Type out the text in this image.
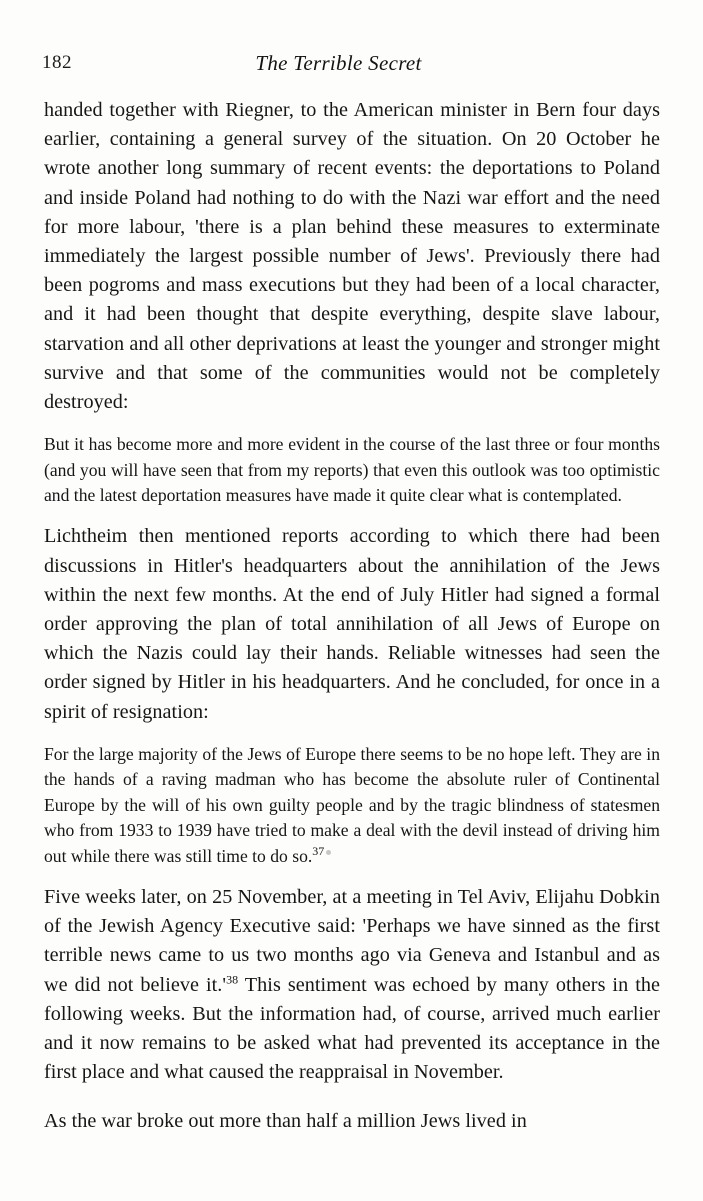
182	The Terrible Secret

handed together with Riegner, to the American minister in Bern four days earlier, containing a general survey of the situation. On 20 October he wrote another long summary of recent events: the deportations to Poland and inside Poland had nothing to do with the Nazi war effort and the need for more labour, 'there is a plan behind these measures to exterminate immediately the largest possible number of Jews'. Previously there had been pogroms and mass executions but they had been of a local character, and it had been thought that despite everything, despite slave labour, starvation and all other deprivations at least the younger and stronger might survive and that some of the communities would not be completely destroyed:

But it has become more and more evident in the course of the last three or four months (and you will have seen that from my reports) that even this outlook was too optimistic and the latest deportation measures have made it quite clear what is contemplated.

Lichtheim then mentioned reports according to which there had been discussions in Hitler's headquarters about the annihilation of the Jews within the next few months. At the end of July Hitler had signed a formal order approving the plan of total annihilation of all Jews of Europe on which the Nazis could lay their hands. Reliable witnesses had seen the order signed by Hitler in his headquarters. And he concluded, for once in a spirit of resignation:

For the large majority of the Jews of Europe there seems to be no hope left. They are in the hands of a raving madman who has become the absolute ruler of Continental Europe by the will of his own guilty people and by the tragic blindness of statesmen who from 1933 to 1939 have tried to make a deal with the devil instead of driving him out while there was still time to do so.$^{37}$

Five weeks later, on 25 November, at a meeting in Tel Aviv, Elijahu Dobkin of the Jewish Agency Executive said: 'Perhaps we have sinned as the first terrible news came to us two months ago via Geneva and Istanbul and as we did not believe $it.'^{38}$ This sentiment was echoed by many others in the following weeks. But the information had, of course, arrived much earlier and it now remains to be asked what had prevented its acceptance in the first place and what caused the reappraisal in November.

As the war broke out more than half a million Jews lived in
